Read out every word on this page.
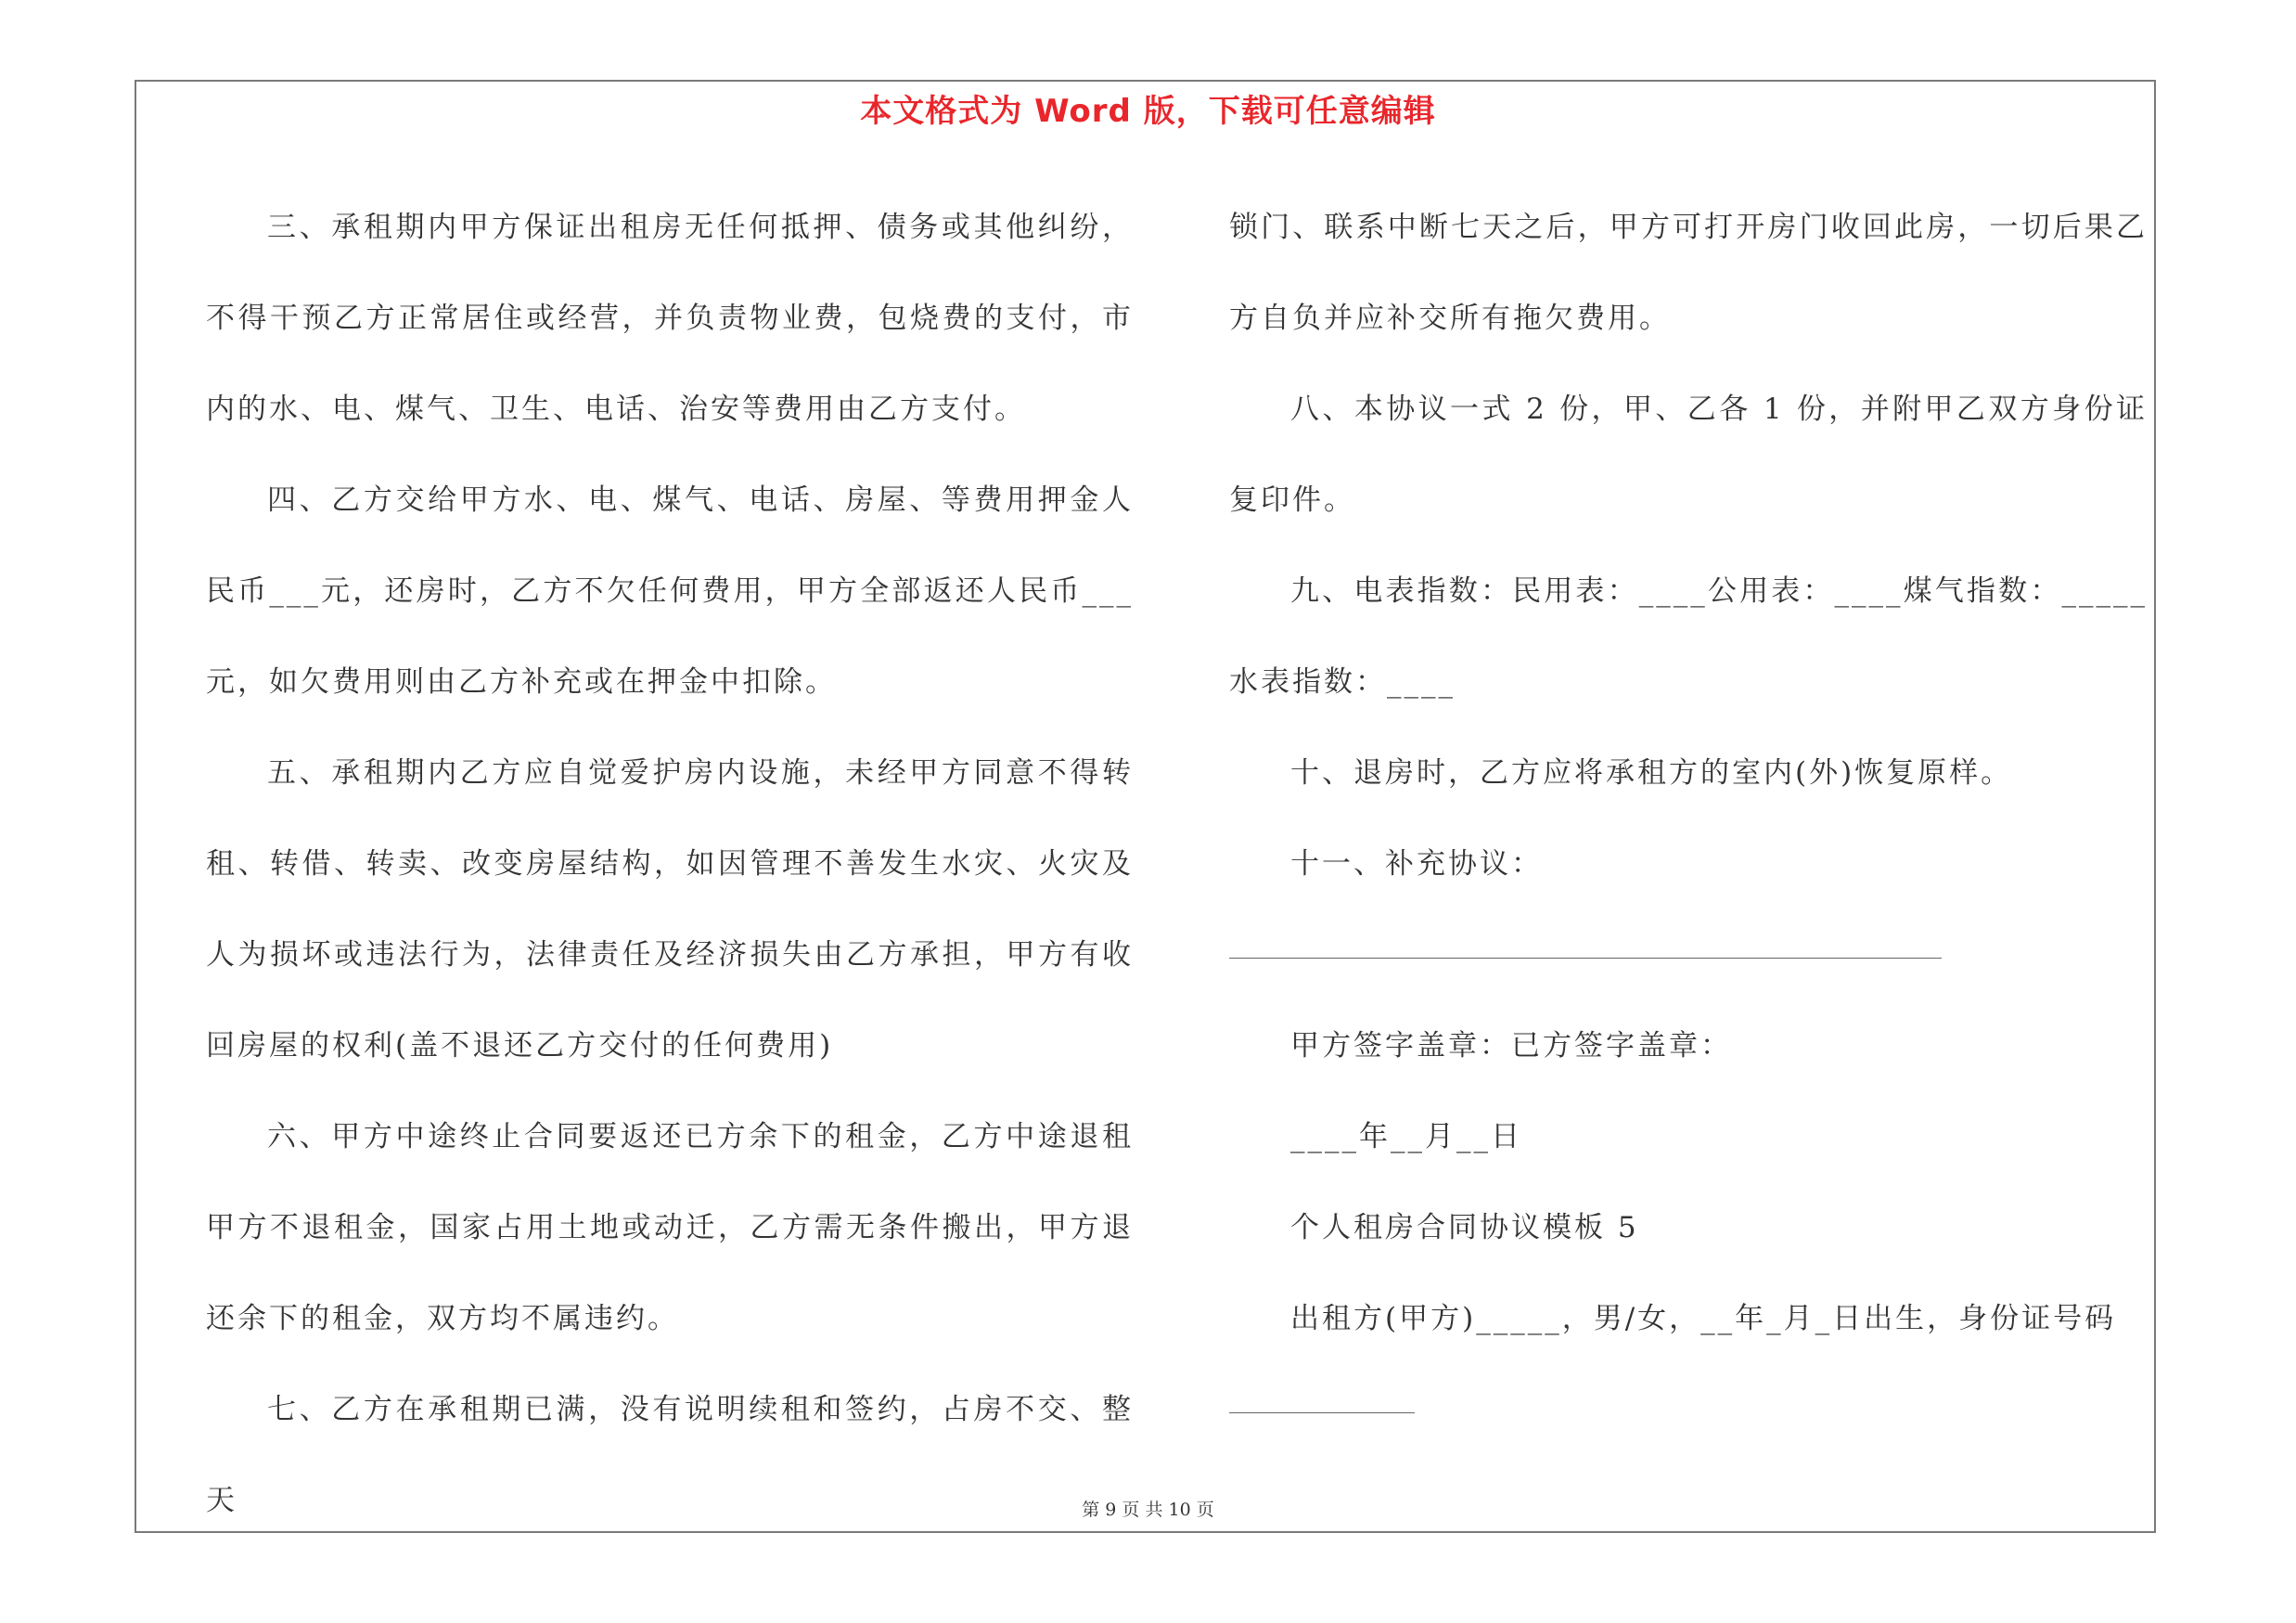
本文格式为 Word 版，下载可任意编辑

三、承租期内甲方保证出租房无任何抵押、债务或其他纠纷，不得干预乙方正常居住或经营，并负责物业费，包烧费的支付，市内的水、电、煤气、卫生、电话、治安等费用由乙方支付。

四、乙方交给甲方水、电、煤气、电话、房屋、等费用押金人民币___元，还房时，乙方不欠任何费用，甲方全部返还人民币___元，如欠费用则由乙方补充或在押金中扣除。

五、承租期内乙方应自觉爱护房内设施，未经甲方同意不得转租、转借、转卖、改变房屋结构，如因管理不善发生水灾、火灾及人为损坏或违法行为，法律责任及经济损失由乙方承担，甲方有收回房屋的权利(盖不退还乙方交付的任何费用)

六、甲方中途终止合同要返还已方余下的租金，乙方中途退租甲方不退租金，国家占用土地或动迁，乙方需无条件搬出，甲方退还余下的租金，双方均不属违约。

七、乙方在承租期已满，没有说明续租和签约，占房不交、整天

锁门、联系中断七天之后，甲方可打开房门收回此房，一切后果乙方自负并应补交所有拖欠费用。

八、本协议一式 2 份，甲、乙各 1 份，并附甲乙双方身份证复印件。

九、电表指数：民用表：____公用表：____煤气指数：_____水表指数：____

十、退房时，乙方应将承租方的室内(外)恢复原样。

十一、补充协议：

甲方签字盖章：已方签字盖章：

____年__月__日

个人租房合同协议模板 5

出租方(甲方)_____，男/女，__年_月_日出生，身份证号码

第 9 页 共 10 页
